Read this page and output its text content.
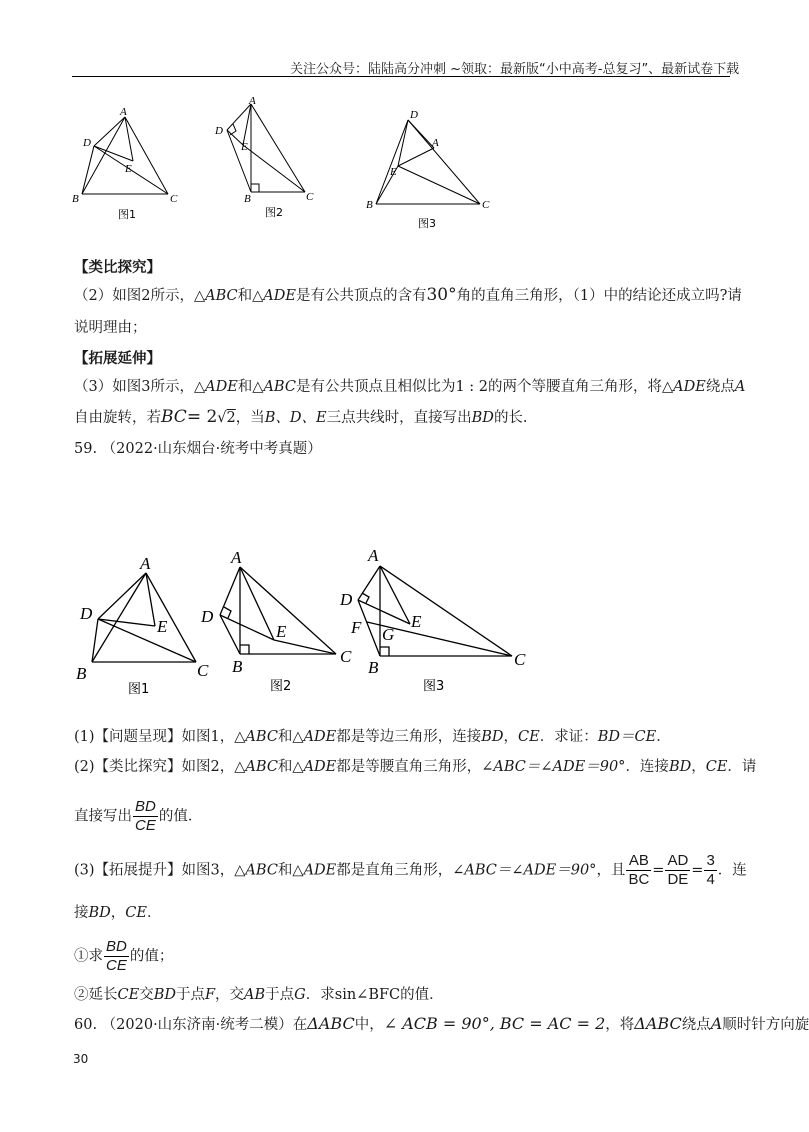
关注公众号：陆陆高分冲刺 ~领取：最新版“小中高考-总复习”、最新试卷下载
A
D
E
B	C
图1
A
D
E
B	C
图2
D
A
E
B	C
图3
【类比探究】
（2）如图2所示，△ABC和△ADE是有公共顶点的含有30°角的直角三角形，（1）中的结论还成立吗?请
说明理由；
【拓展延伸】
（3）如图3所示，△ADE和△ABC是有公共顶点且相似比为1 : 2的两个等腰直角三角形，将△ADE绕点A
自由旋转，若BC= 2√2，当B、D、E三点共线时，直接写出BD的长.
59. （2022·山东烟台·统考中考真题）
A
D
E
B	C
图1
A
D
E
B
C
图2
A
D
F G
E
B	C
图3
(1)【问题呈现】如图1，△ABC和△ADE都是等边三角形，连接BD，CE．求证：BD＝CE．
(2)【类比探究】如图2，△ABC和△ADE都是等腰直角三角形，∠ABC＝∠ADE＝90°．连接BD，CE．请
直接写出 $\frac{BD}{CE}$ 的值．
(3)【拓展提升】如图3，△ABC和△ADE都是直角三角形，∠ABC＝∠ADE＝90°，且 $\frac{AB}{BC} = \frac{AD}{DE} = \frac{3}{4}$ ．连
接BD，CE．
①求 $\frac{BD}{CE}$ 的值；
②延长CE交BD于点F，交AB于点G．求sin∠BFC的值．
60. （2020·山东济南·统考二模）在ΔABC中，∠ ACB = 90°, BC = AC = 2，将ΔABC绕点A顺时针方向旋
30
